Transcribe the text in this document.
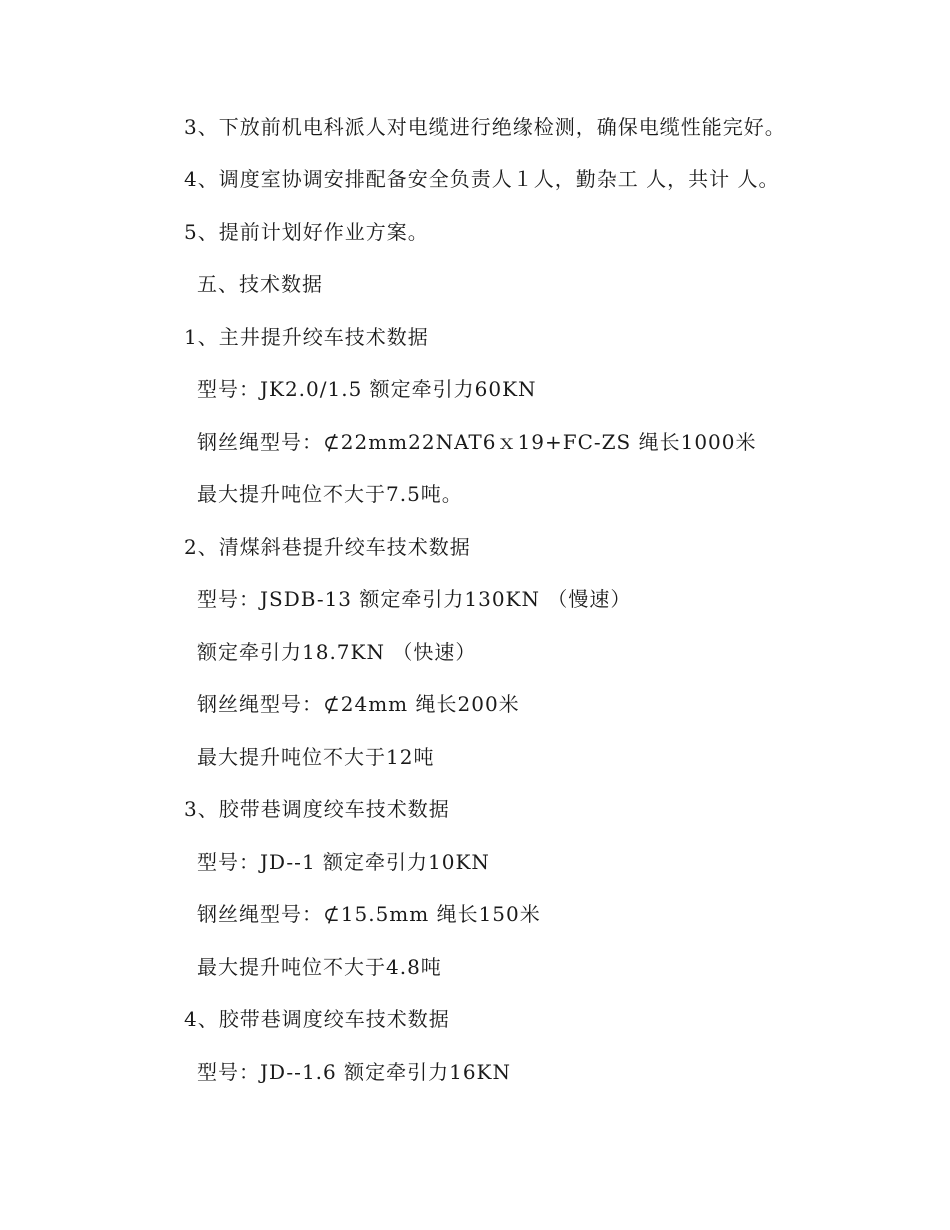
3、下放前机电科派人对电缆进行绝缘检测，确保电缆性能完好。
4、调度室协调安排配备安全负责人１人，勤杂工 人，共计 人。
5、提前计划好作业方案。
五、技术数据
1、主井提升绞车技术数据
型号：JK2.0/1.5 额定牵引力60KN
钢丝绳型号：⊄22mm22NAT6ｘ19+FC-ZS 绳长1000米
最大提升吨位不大于7.5吨。
2、清煤斜巷提升绞车技术数据
型号：JSDB-13 额定牵引力130KN （慢速）
额定牵引力18.7KN （快速）
钢丝绳型号：⊄24mm 绳长200米
最大提升吨位不大于12吨
3、胶带巷调度绞车技术数据
型号：JD--1 额定牵引力10KN
钢丝绳型号：⊄15.5mm 绳长150米
最大提升吨位不大于4.8吨
4、胶带巷调度绞车技术数据
型号：JD--1.6 额定牵引力16KN
